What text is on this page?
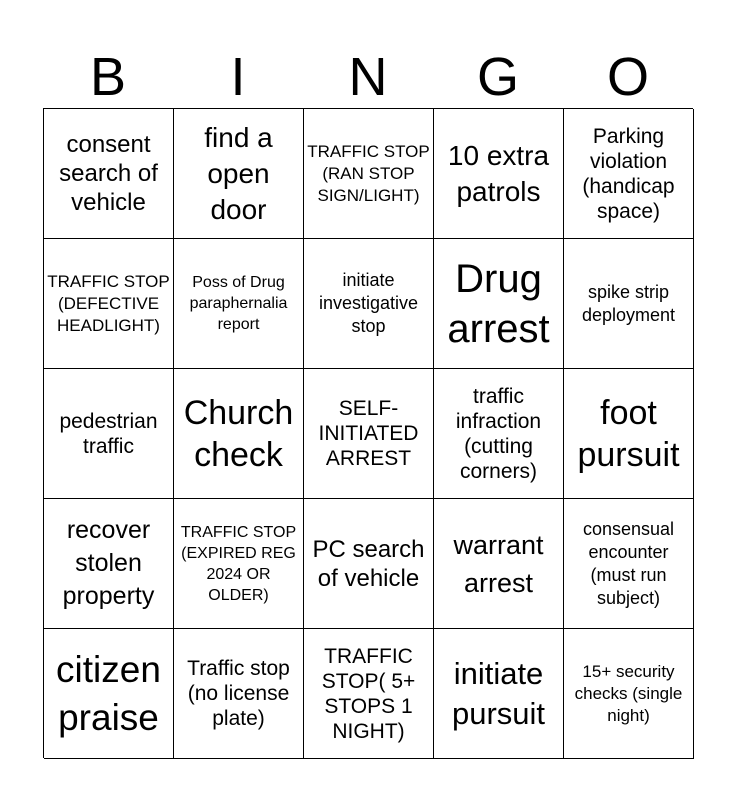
B	I	N	G	O
consent search of vehicle
find a open door
TRAFFIC STOP (RAN STOP SIGN/LIGHT)
10 extra patrols
Parking violation (handicap space)
TRAFFIC STOP (DEFECTIVE HEADLIGHT)
Poss of Drug paraphernalia report
initiate investigative stop
Drug arrest
spike strip deployment
pedestrian traffic
Church check
SELF-INITIATED ARREST
traffic infraction (cutting corners)
foot pursuit
recover stolen property
TRAFFIC STOP (EXPIRED REG 2024 OR OLDER)
PC search of vehicle
warrant arrest
consensual encounter (must run subject)
citizen praise
Traffic stop (no license plate)
TRAFFIC STOP( 5+ STOPS 1 NIGHT)
initiate pursuit
15+ security checks (single night)
